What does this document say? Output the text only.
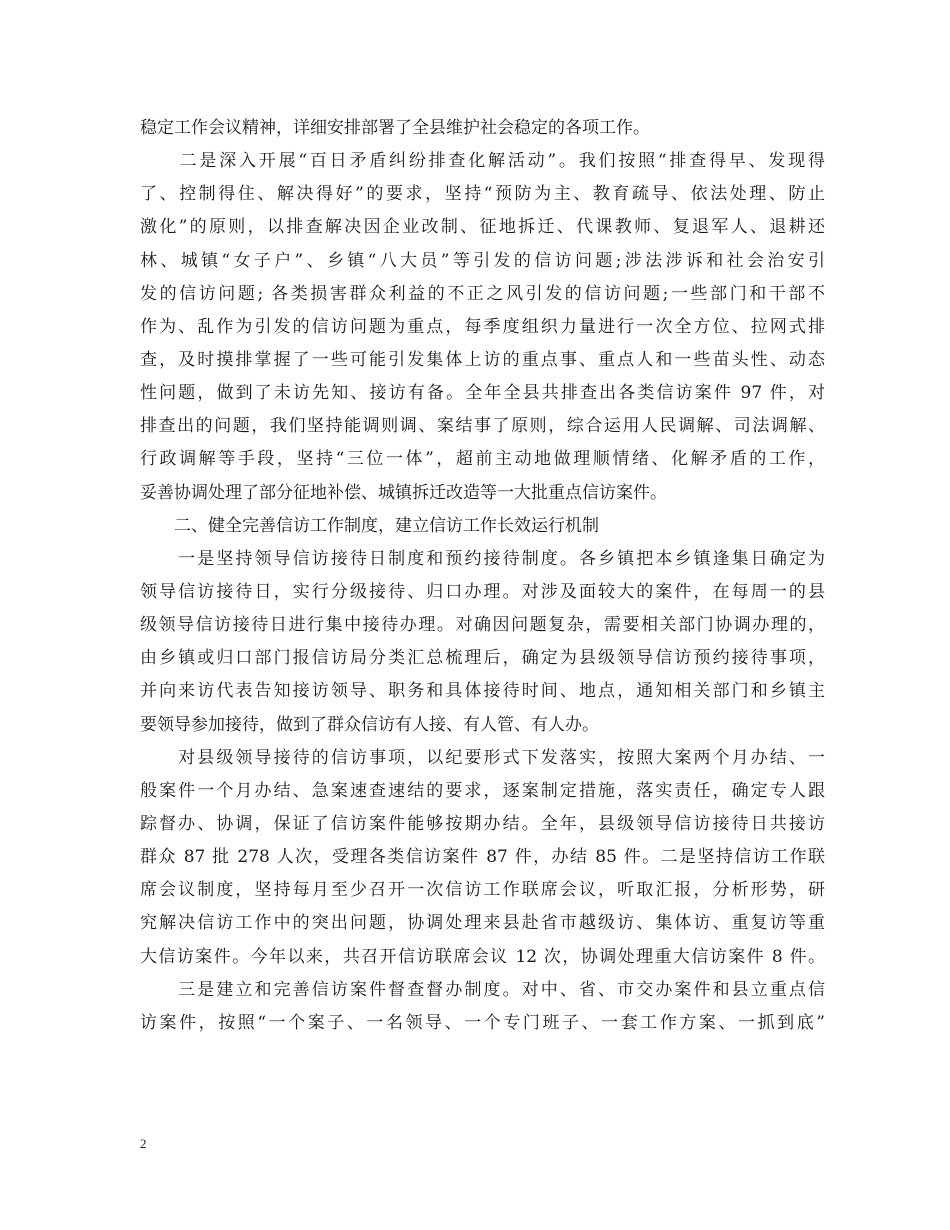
稳定工作会议精神，详细安排部署了全县维护社会稳定的各项工作。
　　二是深入开展“百日矛盾纠纷排查化解活动”。我们按照“排查得早、发现得
了、控制得住、解决得好”的要求，坚持“预防为主、教育疏导、依法处理、防止
激化”的原则，以排查解决因企业改制、征地拆迁、代课教师、复退军人、退耕还
林、城镇“女子户”、乡镇“八大员”等引发的信访问题;涉法涉诉和社会治安引
发的信访问题; 各类损害群众利益的不正之风引发的信访问题;一些部门和干部不
作为、乱作为引发的信访问题为重点，每季度组织力量进行一次全方位、拉网式排
查，及时摸排掌握了一些可能引发集体上访的重点事、重点人和一些苗头性、动态
性问题，做到了未访先知、接访有备。全年全县共排查出各类信访案件 97 件，对
排查出的问题，我们坚持能调则调、案结事了原则，综合运用人民调解、司法调解、
行政调解等手段，坚持“三位一体”，超前主动地做理顺情绪、化解矛盾的工作，
妥善协调处理了部分征地补偿、城镇拆迁改造等一大批重点信访案件。
　　二、健全完善信访工作制度，建立信访工作长效运行机制
　　一是坚持领导信访接待日制度和预约接待制度。各乡镇把本乡镇逢集日确定为
领导信访接待日，实行分级接待、归口办理。对涉及面较大的案件，在每周一的县
级领导信访接待日进行集中接待办理。对确因问题复杂，需要相关部门协调办理的，
由乡镇或归口部门报信访局分类汇总梳理后，确定为县级领导信访预约接待事项，
并向来访代表告知接访领导、职务和具体接待时间、地点，通知相关部门和乡镇主
要领导参加接待，做到了群众信访有人接、有人管、有人办。
　　对县级领导接待的信访事项，以纪要形式下发落实，按照大案两个月办结、一
般案件一个月办结、急案速查速结的要求，逐案制定措施，落实责任，确定专人跟
踪督办、协调，保证了信访案件能够按期办结。全年，县级领导信访接待日共接访
群众 87 批 278 人次，受理各类信访案件 87 件，办结 85 件。二是坚持信访工作联
席会议制度，坚持每月至少召开一次信访工作联席会议，听取汇报，分析形势，研
究解决信访工作中的突出问题，协调处理来县赴省市越级访、集体访、重复访等重
大信访案件。今年以来，共召开信访联席会议 12 次，协调处理重大信访案件 8 件。
　　三是建立和完善信访案件督查督办制度。对中、省、市交办案件和县立重点信
访案件，按照“一个案子、一名领导、一个专门班子、一套工作方案、一抓到底”
2
